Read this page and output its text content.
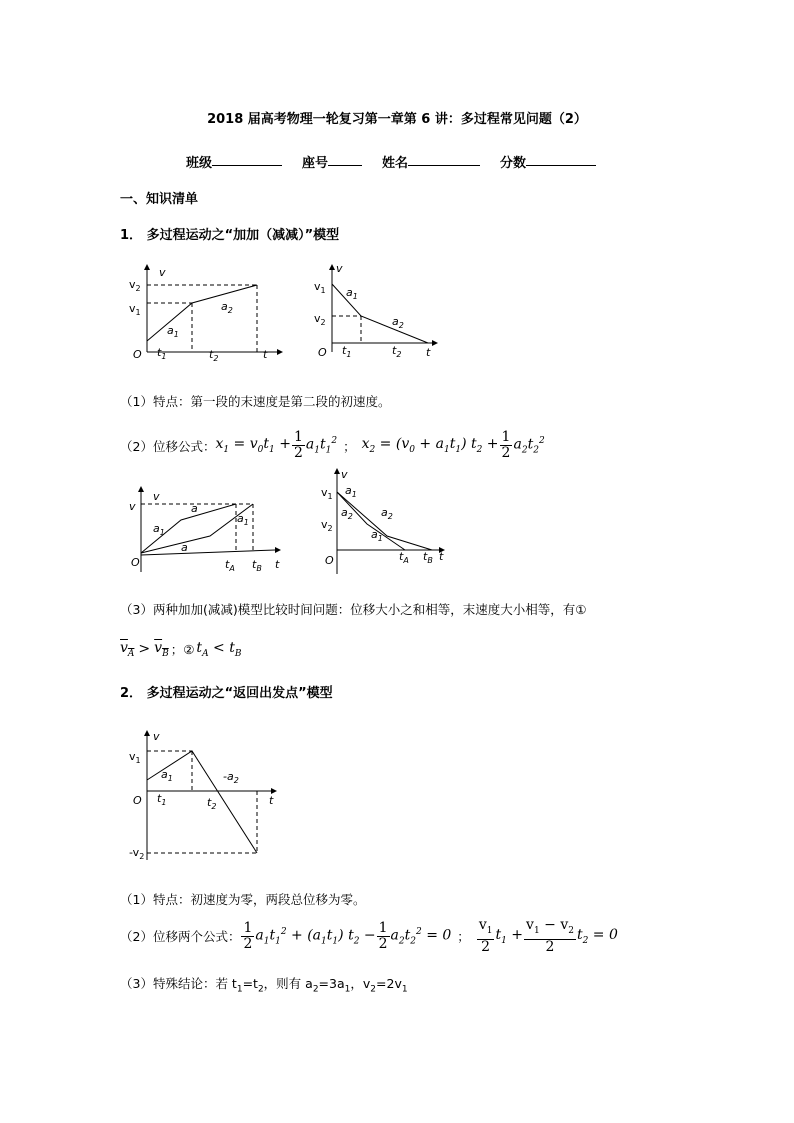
2018 届高考物理一轮复习第一章第 6 讲：多过程常见问题（2）
班级	座号	姓名	分数
一、知识清单
1． 多过程运动之“加加（减减）”模型
v
$v_2$
$v_1$
$a_1$
$a_2$
O $t_1$	$t_2$	t
v
$v_1$
$v_2$
$a_1$
$a_2$
O $t_1$	$t_2$ t
（1）特点：第一段的末速度是第二段的初速度。
（2）位移公式： $x_1 = v_0t_1 + \frac{1}{2} a_1t_1^2$ ； $x_2 = (v_0 + a_1t_1) t_2 + \frac{1}{2} a_2t_2^2$
v
v
$a_1$
a
a
$a_1$
O	$t_A$ $t_B$ t
v
$v_1$
$v_2$
$a_1$
$a_2$	$a_2$
$a_1$
O	$t_A$ $t_B$ t
（3）两种加加(减减)模型比较时间问题：位移大小之和相等，末速度大小相等，有①
$v_A > v_B$ ；② $t_A < t_B$
2． 多过程运动之“返回出发点”模型
v
$v_1$
$a_1$	$-a_2$
O $t_1$	$t_2$	t
$-v_2$
（1）特点：初速度为零，两段总位移为零。
（2）位移两个公式： $\frac{1}{2} a_1t_1^2 + (a_1t_1) t_2 - \frac{1}{2} a_2t_2^2 = 0$ ； $\frac{v_1}{2} t_1 + \frac{v_1 - v_2}{2} t_2 = 0$
（3）特殊结论：若 $t_1=t_2$，则有 $a_2=3a_1$，$v_2=2v_1$
